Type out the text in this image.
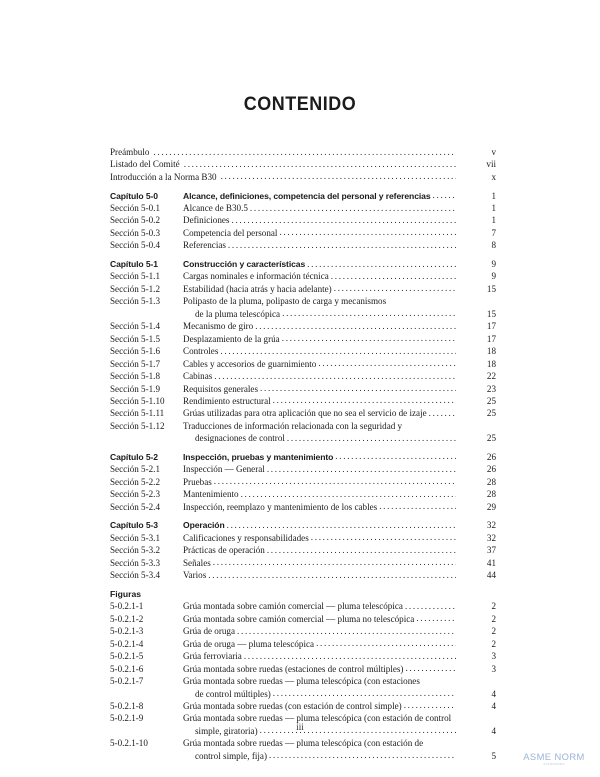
CONTENIDO
Preámbulo .....	v
Listado del Comité .....	vii
Introducción a la Norma B30 .....	x
Capítulo 5-0	Alcance, definiciones, competencia del personal y referencias .....	1
Sección 5-0.1	Alcance de B30.5 .....	1
Sección 5-0.2	Definiciones .....	1
Sección 5-0.3	Competencia del personal .....	7
Sección 5-0.4	Referencias .....	8
Capítulo 5-1	Construcción y características .....	9
Sección 5-1.1	Cargas nominales e información técnica .....	9
Sección 5-1.2	Estabilidad (hacia atrás y hacia adelante) .....	15
Sección 5-1.3	Polipasto de la pluma, polipasto de carga y mecanismos
de la pluma telescópica .....	15
Sección 5-1.4	Mecanismo de giro .....	17
Sección 5-1.5	Desplazamiento de la grúa .....	17
Sección 5-1.6	Controles .....	18
Sección 5-1.7	Cables y accesorios de guarnimiento .....	18
Sección 5-1.8	Cabinas .....	22
Sección 5-1.9	Requisitos generales .....	23
Sección 5-1.10	Rendimiento estructural .....	25
Sección 5-1.11	Grúas utilizadas para otra aplicación que no sea el servicio de izaje .....	25
Sección 5-1.12	Traducciones de información relacionada con la seguridad y
designaciones de control .....	25
Capítulo 5-2	Inspección, pruebas y mantenimiento .....	26
Sección 5-2.1	Inspección — General .....	26
Sección 5-2.2	Pruebas .....	28
Sección 5-2.3	Mantenimiento .....	28
Sección 5-2.4	Inspección, reemplazo y mantenimiento de los cables .....	29
Capítulo 5-3	Operación .....	32
Sección 5-3.1	Calificaciones y responsabilidades .....	32
Sección 5-3.2	Prácticas de operación .....	37
Sección 5-3.3	Señales .....	41
Sección 5-3.4	Varios .....	44
Figuras
5-0.2.1-1	Grúa montada sobre camión comercial — pluma telescópica .....	2
5-0.2.1-2	Grúa montada sobre camión comercial — pluma no telescópica .....	2
5-0.2.1-3	Grúa de oruga .....	2
5-0.2.1-4	Grúa de oruga — pluma telescópica .....	2
5-0.2.1-5	Grúa ferroviaria .....	3
5-0.2.1-6	Grúa montada sobre ruedas (estaciones de control múltiples) .....	3
5-0.2.1-7	Grúa montada sobre ruedas — pluma telescópica (con estaciones
de control múltiples) .....	4
5-0.2.1-8	Grúa montada sobre ruedas (con estación de control simple) .....	4
5-0.2.1-9	Grúa montada sobre ruedas — pluma telescópica (con estación de control
simple, giratoria) .....	4
5-0.2.1-10	Grúa montada sobre ruedas — pluma telescópica (con estación de
control simple, fija) .....	5
iii
ASME NORM
STANDARDS
